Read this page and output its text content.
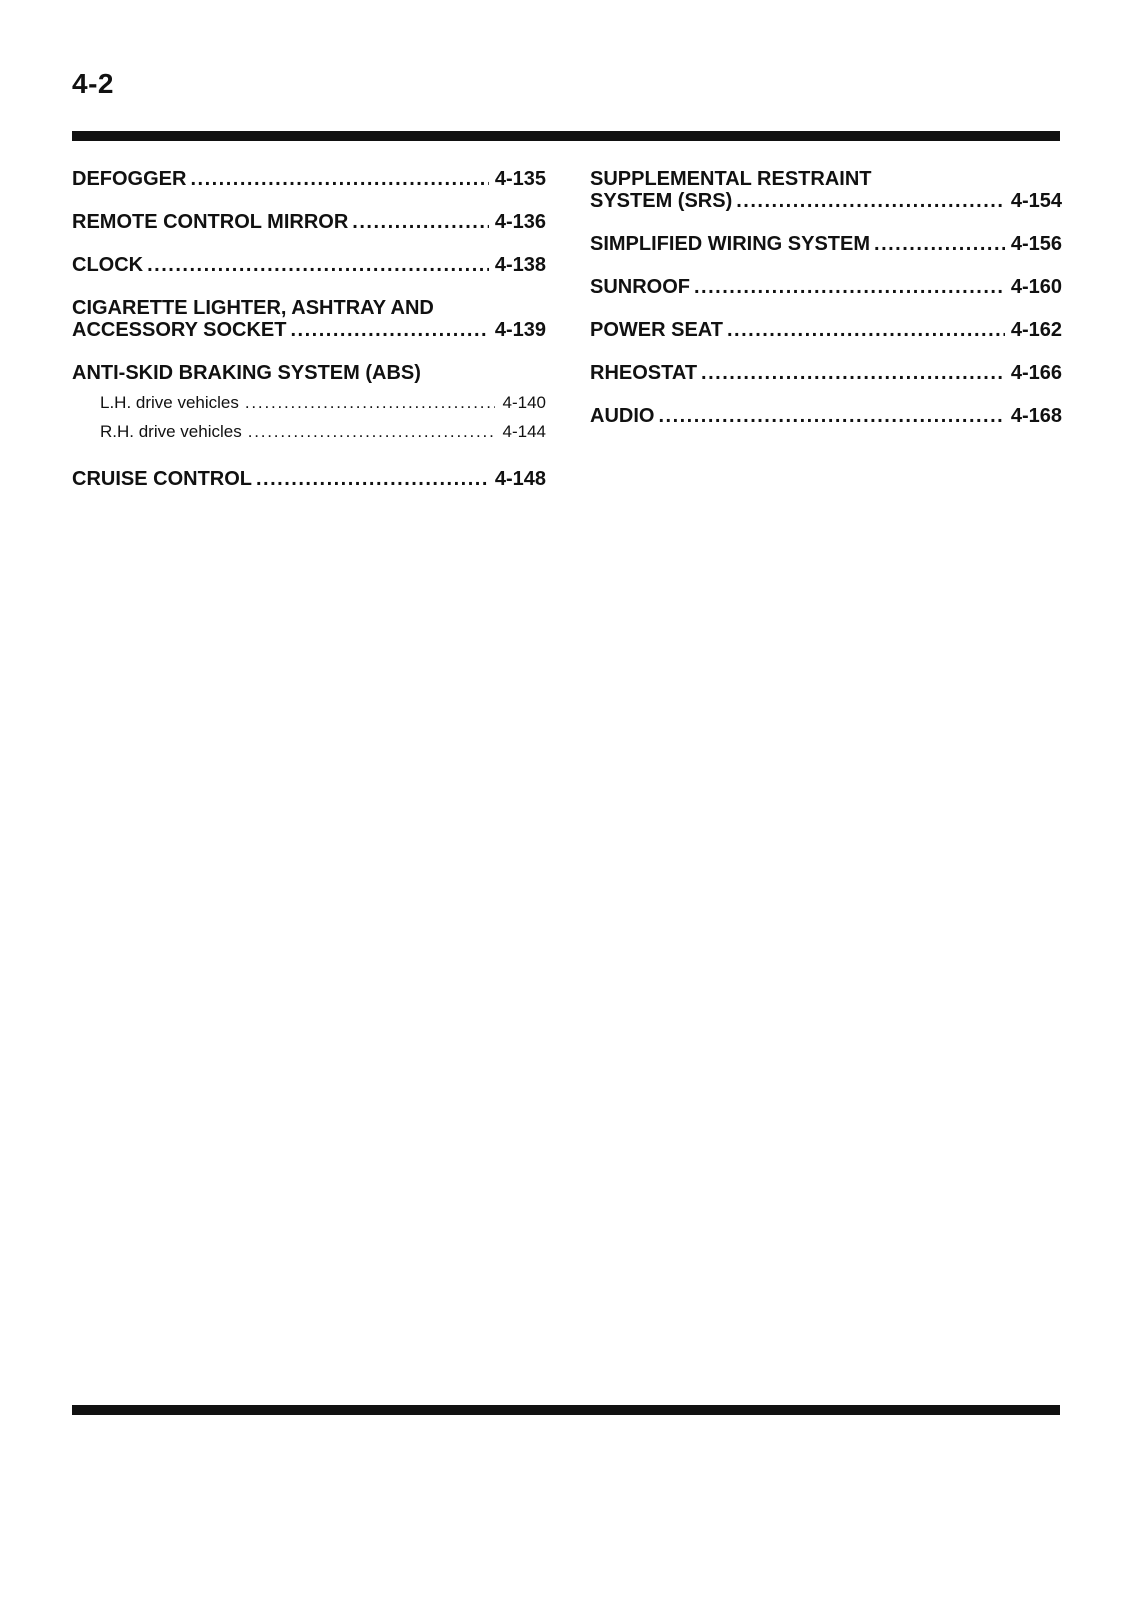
4-2
DEFOGGER .....	4-135
REMOTE CONTROL MIRROR .....	4-136
CLOCK .....	4-138
CIGARETTE LIGHTER, ASHTRAY AND
ACCESSORY SOCKET .....	4-139
ANTI-SKID BRAKING SYSTEM (ABS)
L.H. drive vehicles .....	4-140
R.H. drive vehicles .....	4-144
CRUISE CONTROL .....	4-148
SUPPLEMENTAL RESTRAINT
SYSTEM (SRS) .....	4-154
SIMPLIFIED WIRING SYSTEM .....	4-156
SUNROOF .....	4-160
POWER SEAT .....	4-162
RHEOSTAT .....	4-166
AUDIO .....	4-168
